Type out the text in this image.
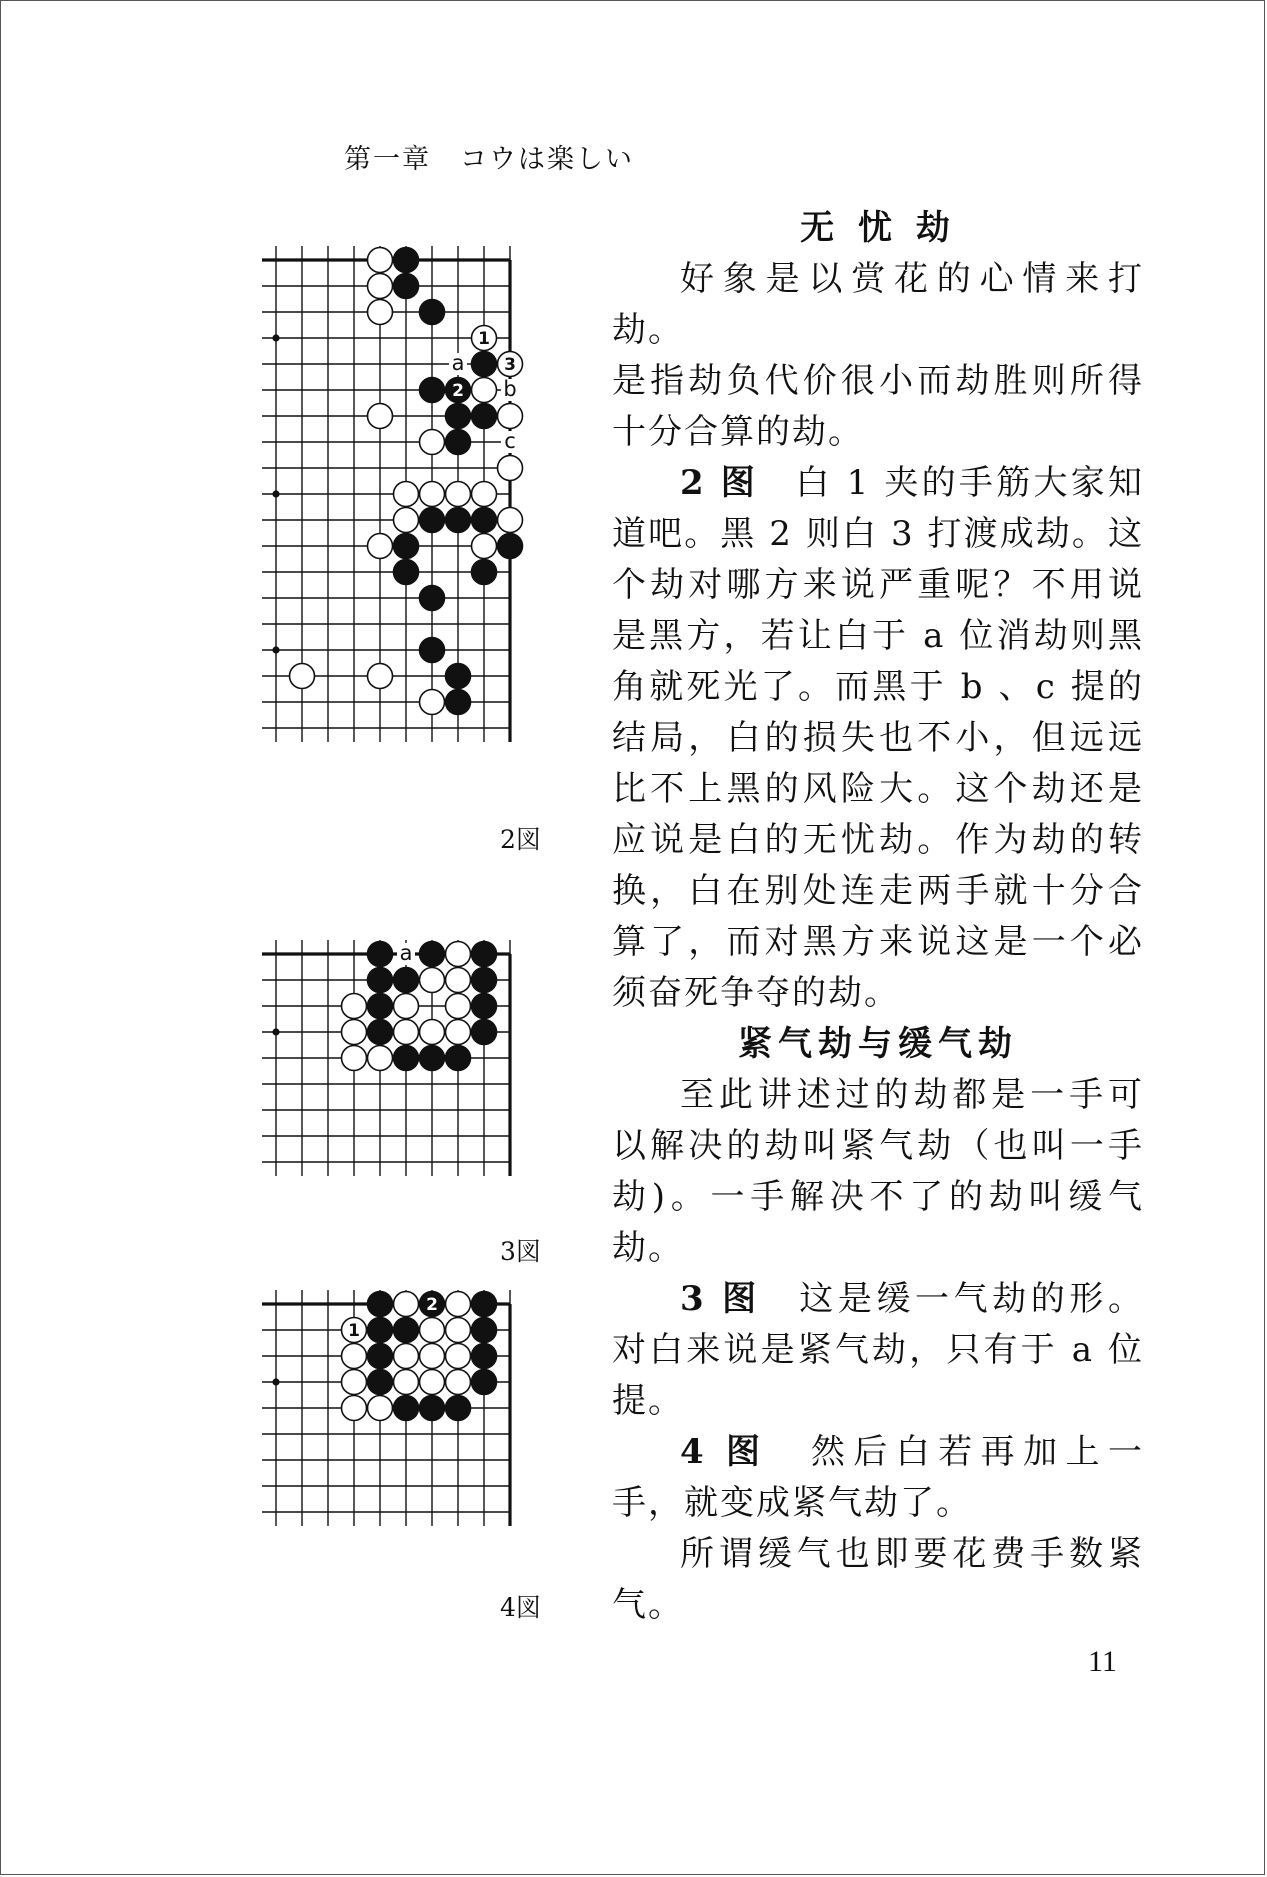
第一章　コウは楽しい
1
3
2
a
b
c
2図
a
3図
2
1
4図
无 忧 劫

好象是以赏花的心情来打劫。

是指劫负代价很小而劫胜则所得十分合算的劫。

2 图　白 1 夹的手筋大家知道吧。黑 2 则白 3 打渡成劫。这个劫对哪方来说严重呢？不用说是黑方，若让白于 a 位消劫则黑角就死光了。而黑于 b 、c 提的结局，白的损失也不小，但远远比不上黑的风险大。这个劫还是应说是白的无忧劫。作为劫的转换，白在别处连走两手就十分合算了，而对黑方来说这是一个必须奋死争夺的劫。

紧气劫与缓气劫

至此讲述过的劫都是一手可以解决的劫叫紧气劫（也叫一手劫)。一手解决不了的劫叫缓气劫。

3 图　这是缓一气劫的形。对白来说是紧气劫，只有于 a 位提。

4 图　然后白若再加上一手，就变成紧气劫了。

所谓缓气也即要花费手数紧气。

11
